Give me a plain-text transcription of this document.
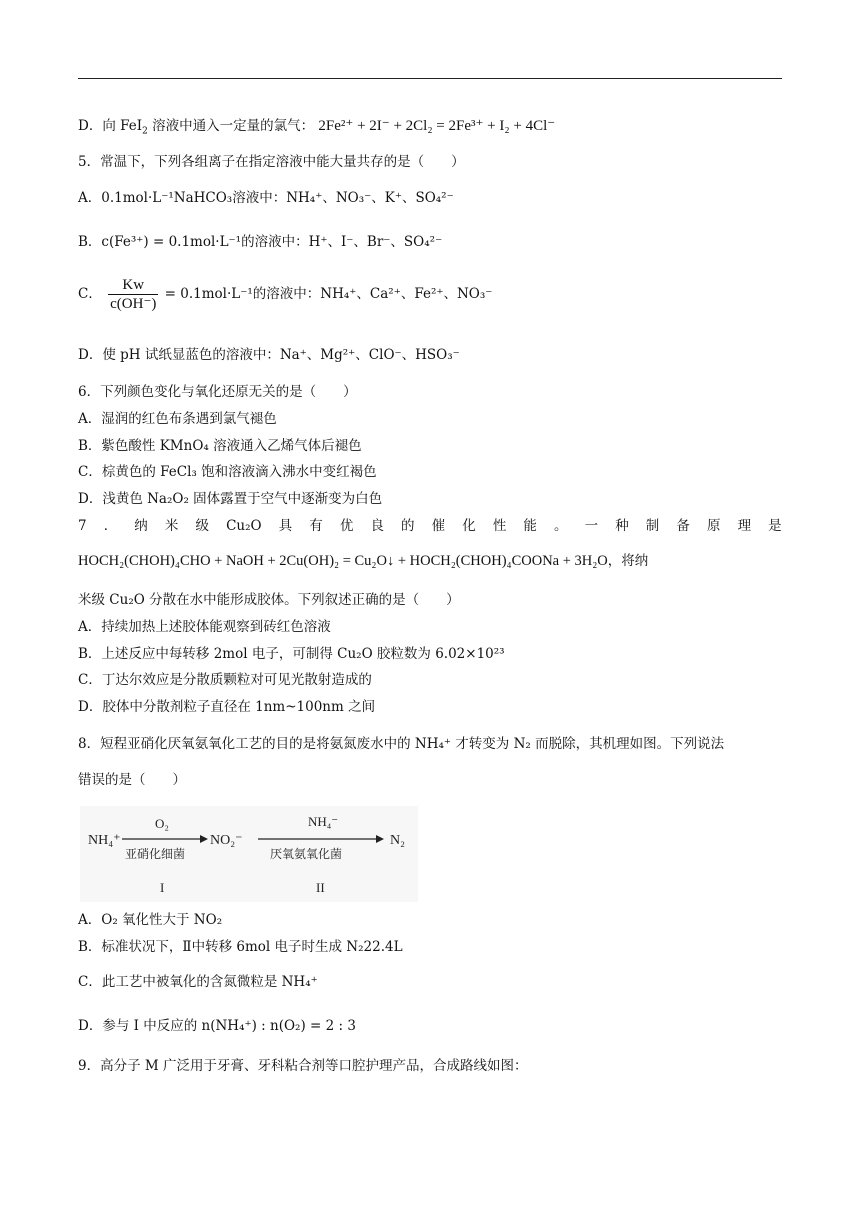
D．向 FeI$_2$ 溶液中通入一定量的氯气： 2Fe²⁺ + 2I⁻ + 2Cl₂ = 2Fe³⁺ + I₂ + 4Cl⁻
5．常温下，下列各组离子在指定溶液中能大量共存的是（　　）
A．0.1mol·L⁻¹NaHCO₃溶液中：NH₄⁺、NO₃⁻、K⁺、SO₄²⁻
B．c(Fe³⁺) = 0.1mol·L⁻¹的溶液中：H⁺、I⁻、Br⁻、SO₄²⁻
C． $\frac{Kw}{c(OH^-)} = 0.1mol\cdot L^{-1}$的溶液中：NH₄⁺、Ca²⁺、Fe²⁺、NO₃⁻
D．使 pH 试纸显蓝色的溶液中：Na⁺、Mg²⁺、ClO⁻、HSO₃⁻
6．下列颜色变化与氧化还原无关的是（　　）
A．湿润的红色布条遇到氯气褪色
B．紫色酸性 KMnO₄ 溶液通入乙烯气体后褪色
C．棕黄色的 FeCl₃ 饱和溶液滴入沸水中变红褐色
D．浅黄色 Na₂O₂ 固体露置于空气中逐渐变为白色
7 ． 纳 米 级 Cu₂O 具 有 优 良 的 催 化 性 能 。 一 种 制 备 原 理 是
HOCH₂(CHOH)₄CHO + NaOH + 2Cu(OH)₂ = Cu₂O↓ + HOCH₂(CHOH)₄COONa + 3H₂O，将纳
米级 Cu₂O 分散在水中能形成胶体。下列叙述正确的是（　　）
A．持续加热上述胶体能观察到砖红色溶液
B．上述反应中每转移 2mol 电子，可制得 Cu₂O 胶粒数为 6.02×10²³
C．丁达尔效应是分散质颗粒对可见光散射造成的
D．胶体中分散剂粒子直径在 1nm~100nm 之间
8．短程亚硝化厌氧氨氧化工艺的目的是将氨氮废水中的 NH₄⁺ 才转变为 N₂ 而脱除，其机理如图。下列说法
错误的是（　　）
NH₄⁺
O₂
亚硝化细菌
NO₂⁻
NH₄⁻
厌氧氨氧化菌
N₂
I	II
A．O₂ 氧化性大于 NO₂
B．标准状况下，Ⅱ中转移 6mol 电子时生成 N₂22.4L
C．此工艺中被氧化的含氮微粒是 NH₄⁺
D．参与 I 中反应的 n(NH₄⁺) : n(O₂) = 2 : 3
9．高分子 M 广泛用于牙膏、牙科粘合剂等口腔护理产品，合成路线如图：
